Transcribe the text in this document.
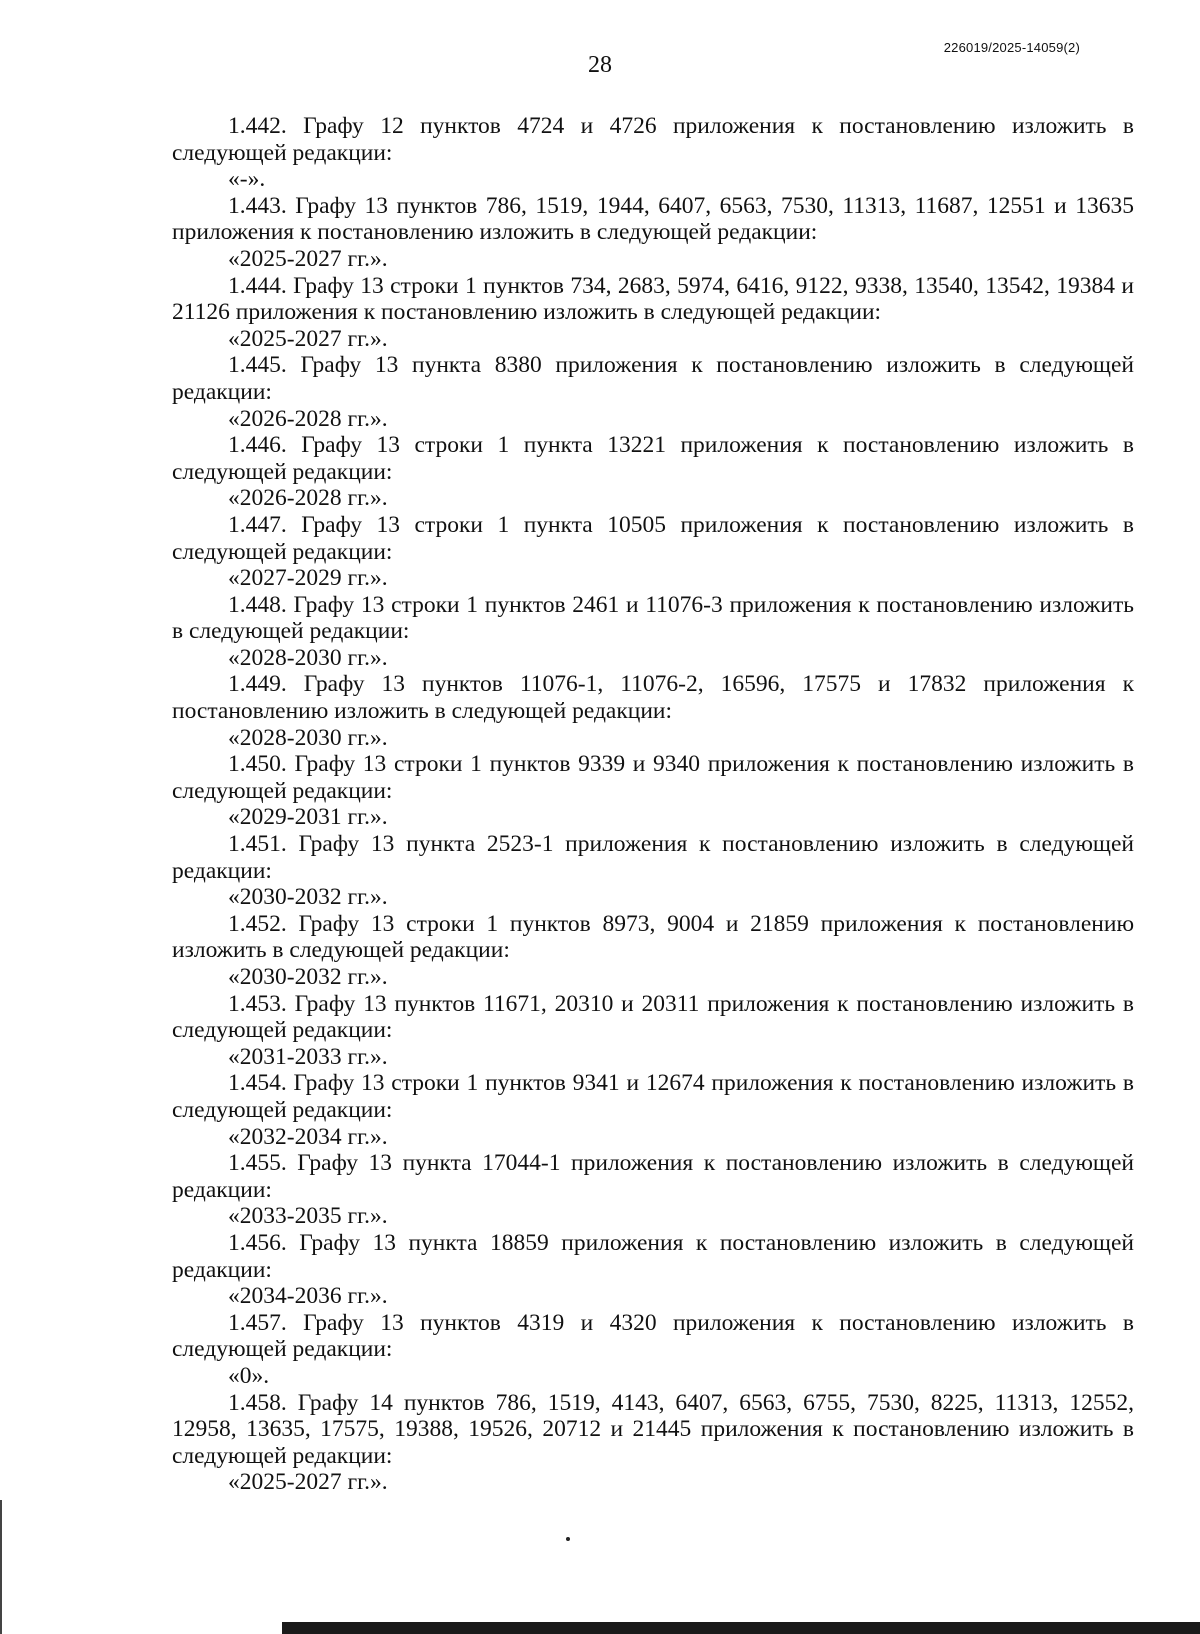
226019/2025-14059(2)
28

1.442. Графу 12 пунктов 4724 и 4726 приложения к постановлению изложить в следующей редакции:

«-».

1.443. Графу 13 пунктов 786, 1519, 1944, 6407, 6563, 7530, 11313, 11687, 12551 и 13635 приложения к постановлению изложить в следующей редакции:

«2025-2027 гг.».

1.444. Графу 13 строки 1 пунктов 734, 2683, 5974, 6416, 9122, 9338, 13540, 13542, 19384 и 21126 приложения к постановлению изложить в следующей редакции:

«2025-2027 гг.».

1.445. Графу 13 пункта 8380 приложения к постановлению изложить в следующей редакции:

«2026-2028 гг.».

1.446. Графу 13 строки 1 пункта 13221 приложения к постановлению изложить в следующей редакции:

«2026-2028 гг.».

1.447. Графу 13 строки 1 пункта 10505 приложения к постановлению изложить в следующей редакции:

«2027-2029 гг.».

1.448. Графу 13 строки 1 пунктов 2461 и 11076-3 приложения к постановлению изложить в следующей редакции:

«2028-2030 гг.».

1.449. Графу 13 пунктов 11076-1, 11076-2, 16596, 17575 и 17832 приложения к постановлению изложить в следующей редакции:

«2028-2030 гг.».

1.450. Графу 13 строки 1 пунктов 9339 и 9340 приложения к постановлению изложить в следующей редакции:

«2029-2031 гг.».

1.451. Графу 13 пункта 2523-1 приложения к постановлению изложить в следующей редакции:

«2030-2032 гг.».

1.452. Графу 13 строки 1 пунктов 8973, 9004 и 21859 приложения к постановлению изложить в следующей редакции:

«2030-2032 гг.».

1.453. Графу 13 пунктов 11671, 20310 и 20311 приложения к постановлению изложить в следующей редакции:

«2031-2033 гг.».

1.454. Графу 13 строки 1 пунктов 9341 и 12674 приложения к постановлению изложить в следующей редакции:

«2032-2034 гг.».

1.455. Графу 13 пункта 17044-1 приложения к постановлению изложить в следующей редакции:

«2033-2035 гг.».

1.456. Графу 13 пункта 18859 приложения к постановлению изложить в следующей редакции:

«2034-2036 гг.».

1.457. Графу 13 пунктов 4319 и 4320 приложения к постановлению изложить в следующей редакции:

«0».

1.458. Графу 14 пунктов 786, 1519, 4143, 6407, 6563, 6755, 7530, 8225, 11313, 12552, 12958, 13635, 17575, 19388, 19526, 20712 и 21445 приложения к постановлению изложить в следующей редакции:

«2025-2027 гг.».
